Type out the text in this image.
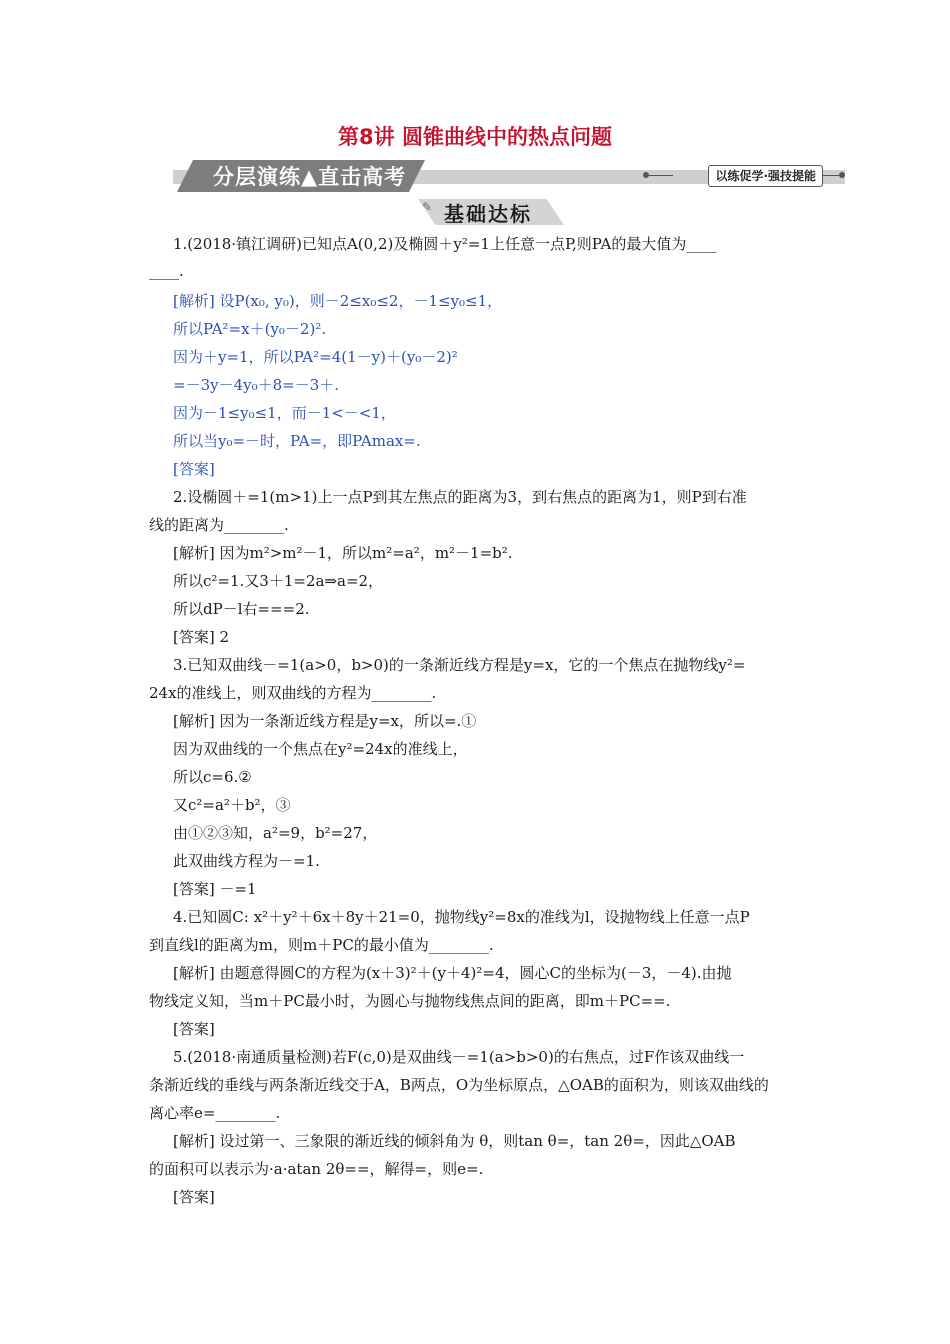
第8讲 圆锥曲线中的热点问题
分层演练▲直击高考	以练促学·强技提能
✎ 基础达标
1.(2018·镇江调研)已知点A(0,2)及椭圆＋y²=1上任意一点P,则PA的最大值为____
____.
[解析] 设P(x₀, y₀)，则－2≤x₀≤2，－1≤y₀≤1，
所以PA²=x＋(y₀－2)².
因为＋y=1，所以PA²=4(1－y)＋(y₀－2)²
=－3y－4y₀＋8=－3＋.
因为－1≤y₀≤1，而－1<－<1，
所以当y₀=－时，PA=，即PAmax=.
[答案]
2.设椭圆＋=1(m>1)上一点P到其左焦点的距离为3，到右焦点的距离为1，则P到右准
线的距离为________.
[解析] 因为m²>m²－1，所以m²=a²，m²－1=b².
所以c²=1.又3＋1=2a⇒a=2，
所以dP－l右===2.
[答案] 2
3.已知双曲线－=1(a>0，b>0)的一条渐近线方程是y=x，它的一个焦点在抛物线y²=
24x的准线上，则双曲线的方程为________.
[解析] 因为一条渐近线方程是y=x，所以=.①
因为双曲线的一个焦点在y²=24x的准线上，
所以c=6.②
又c²=a²＋b²，③
由①②③知，a²=9，b²=27，
此双曲线方程为－=1.
[答案] －=1
4.已知圆C: x²＋y²＋6x＋8y＋21=0，抛物线y²=8x的准线为l，设抛物线上任意一点P
到直线l的距离为m，则m＋PC的最小值为________.
[解析] 由题意得圆C的方程为(x＋3)²＋(y＋4)²=4，圆心C的坐标为(－3，－4).由抛
物线定义知，当m＋PC最小时，为圆心与抛物线焦点间的距离，即m＋PC==.
[答案]
5.(2018·南通质量检测)若F(c,0)是双曲线－=1(a>b>0)的右焦点，过F作该双曲线一
条渐近线的垂线与两条渐近线交于A，B两点，O为坐标原点，△OAB的面积为，则该双曲线的
离心率e=________.
[解析] 设过第一、三象限的渐近线的倾斜角为 θ，则tan θ=，tan 2θ=，因此△OAB
的面积可以表示为·a·atan 2θ==，解得=，则e=.
[答案]
